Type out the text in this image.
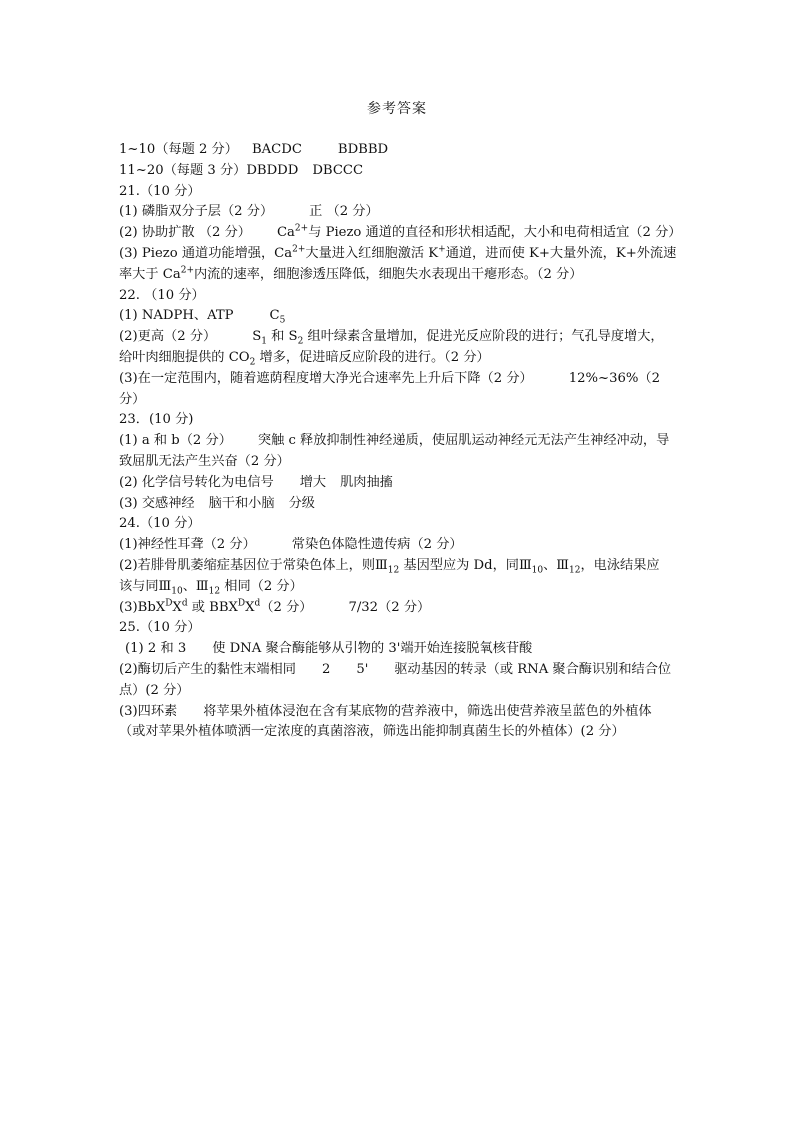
参考答案
1~10（每题 2 分） BACDC	BDBBD
11~20（每题 3 分）DBDDD DBCCC
21.（10 分）
(1) 磷脂双分子层（2 分）	正 （2 分）
(2) 协助扩散 （2 分） $Ca^{2+}$与 Piezo 通道的直径和形状相适配，大小和电荷相适宜（2 分）
(3) Piezo 通道功能增强，$Ca^{2+}$大量进入红细胞激活 K+通道，进而使 K+大量外流，K+外流速
率大于 $Ca^{2+}$内流的速率，细胞渗透压降低，细胞失水表现出干瘪形态。（2 分）
22. （10 分）
(1) NADPH、ATP	$C_5$
(2)更高（2 分）	$S_1$ 和 $S_2$ 组叶绿素含量增加，促进光反应阶段的进行；气孔导度增大，
给叶肉细胞提供的 $CO_2$ 增多，促进暗反应阶段的进行。（2 分）
(3)在一定范围内，随着遮荫程度增大净光合速率先上升后下降（2 分）	12%~36%（2
分）
23．(10 分)
(1) a 和 b（2 分） 突触 c 释放抑制性神经递质，使屈肌运动神经元无法产生神经冲动，导
致屈肌无法产生兴奋（2 分）
(2) 化学信号转化为电信号 增大 肌肉抽搐
(3) 交感神经 脑干和小脑 分级
24.（10 分）
(1)神经性耳聋（2 分）	常染色体隐性遗传病（2 分）
(2)若腓骨肌萎缩症基因位于常染色体上，则$Ⅲ_{12}$ 基因型应为 Dd，同$Ⅲ_{10}$、$Ⅲ_{12}$，电泳结果应
该与同$Ⅲ_{10}$、$Ⅲ_{12}$ 相同（2 分）
$(3)BbX^DX^d$ 或 $BBX^DX^d(2$ 分）	7/32（2 分）
25.（10 分）
(1) 2 和 3 使 DNA 聚合酶能够从引物的 3'端开始连接脱氧核苷酸
(2)酶切后产生的黏性末端相同 2 5' 驱动基因的转录（或 RNA 聚合酶识别和结合位
点）(2 分）
(3)四环素 将苹果外植体浸泡在含有某底物的营养液中，筛选出使营养液呈蓝色的外植体
（或对苹果外植体喷洒一定浓度的真菌溶液，筛选出能抑制真菌生长的外植体）(2 分）
